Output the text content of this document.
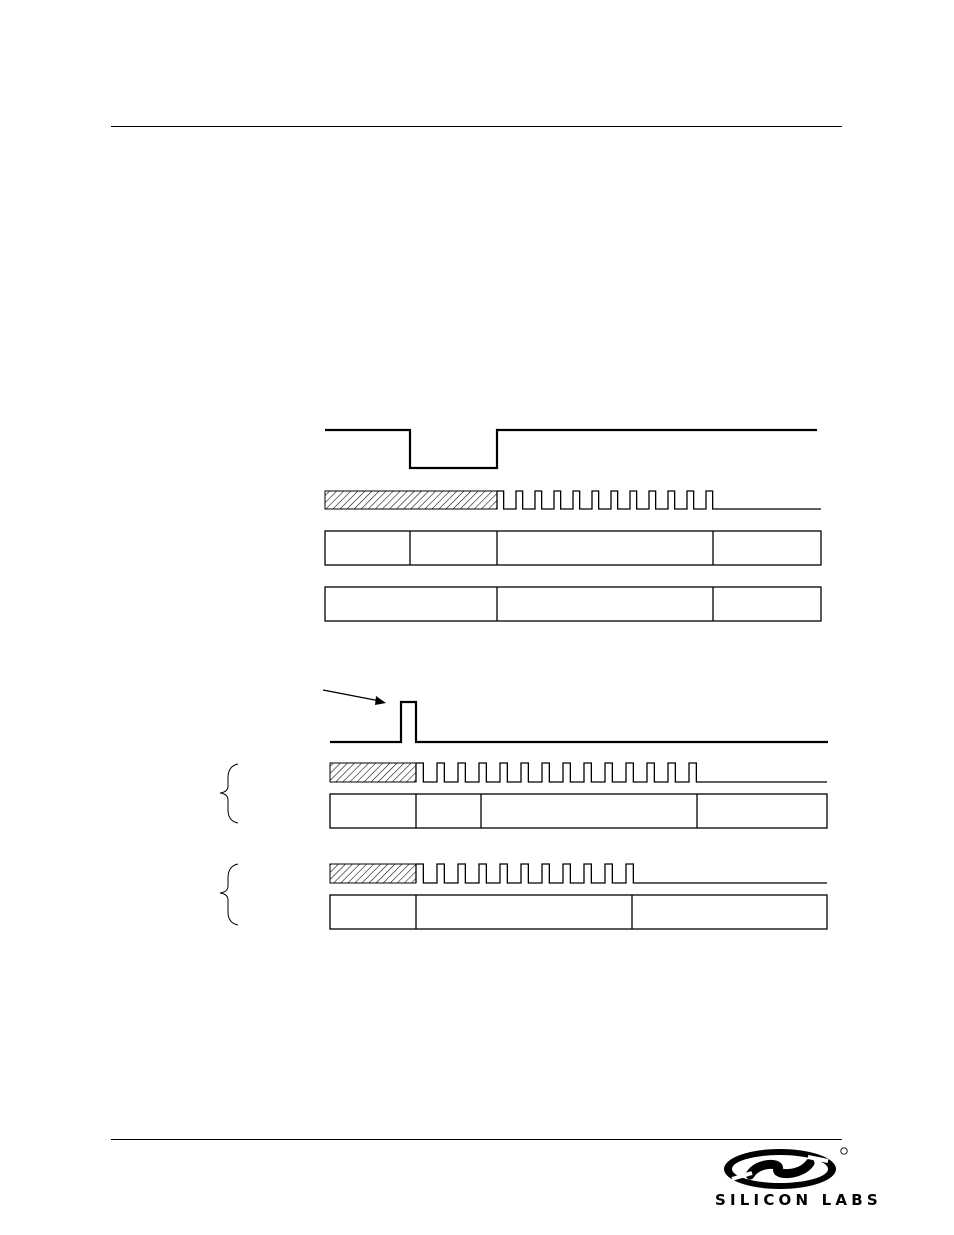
SILICON LABS
